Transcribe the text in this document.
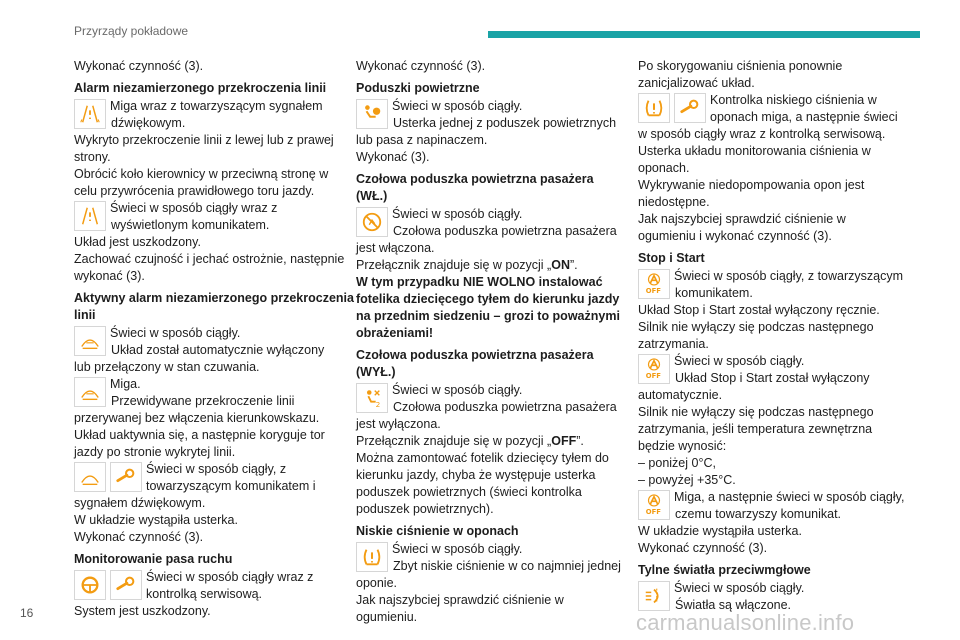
Przyrządy pokładowe

Wykonać czynność (3).

Alarm niezamierzonego przekroczenia linii

Miga wraz z towarzyszącym sygnałem

dźwiękowym.

Wykryto przekroczenie linii z lewej lub z prawej strony.

Obrócić koło kierownicy w przeciwną stronę w celu przywrócenia prawidłowego toru jazdy.

Świeci w sposób ciągły wraz z

wyświetlonym komunikatem.

Układ jest uszkodzony.

Zachować czujność i jechać ostrożnie, następnie wykonać (3).

Aktywny alarm niezamierzonego przekroczenia linii

Świeci w sposób ciągły.

Układ został automatycznie wyłączony

lub przełączony w stan czuwania.

Miga.

Przewidywane przekroczenie linii

przerywanej bez włączenia kierunkowskazu.

Układ uaktywnia się, a następnie koryguje tor jazdy po stronie wykrytej linii.

Świeci w sposób ciągły, z

towarzyszącym komunikatem i

sygnałem dźwiękowym.

W układzie wystąpiła usterka.

Wykonać czynność (3).

Monitorowanie pasa ruchu

Świeci w sposób ciągły wraz z

kontrolką serwisową.

System jest uszkodzony.

Wykonać czynność (3).

Poduszki powietrzne

Świeci w sposób ciągły.

Usterka jednej z poduszek powietrznych

lub pasa z napinaczem.

Wykonać (3).

Czołowa poduszka powietrzna pasażera (WŁ.)

Świeci w sposób ciągły.

Czołowa poduszka powietrzna pasażera

jest włączona.

Przełącznik znajduje się w pozycji „ON”.

W tym przypadku NIE WOLNO instalować fotelika dziecięcego tyłem do kierunku jazdy na przednim siedzeniu – grozi to poważnymi obrażeniami!

Czołowa poduszka powietrzna pasażera (WYŁ.)
2

Świeci w sposób ciągły.

Czołowa poduszka powietrzna pasażera

jest wyłączona.

Przełącznik znajduje się w pozycji „OFF”.

Można zamontować fotelik dziecięcy tyłem do kierunku jazdy, chyba że występuje usterka poduszek powietrznych (świeci kontrolka poduszek powietrznych).

Niskie ciśnienie w oponach

Świeci w sposób ciągły.

Zbyt niskie ciśnienie w co najmniej jednej

oponie.

Jak najszybciej sprawdzić ciśnienie w ogumieniu.

Po skorygowaniu ciśnienia ponownie zanicjalizować układ.

Kontrolka niskiego ciśnienia w

oponach miga, a następnie świeci

w sposób ciągły wraz z kontrolką serwisową.

Usterka układu monitorowania ciśnienia w oponach.

Wykrywanie niedopompowania opon jest niedostępne.

Jak najszybciej sprawdzić ciśnienie w ogumieniu i wykonać czynność (3).

Stop i Start
OFF

Świeci w sposób ciągły, z towarzyszącym

komunikatem.

Układ Stop i Start został wyłączony ręcznie.

Silnik nie wyłączy się podczas następnego zatrzymania.

OFF

Świeci w sposób ciągły.

Układ Stop i Start został wyłączony

automatycznie.

Silnik nie wyłączy się podczas następnego zatrzymania, jeśli temperatura zewnętrzna będzie wynosić:

– poniżej 0°C,

– powyżej +35°C.

OFF

Miga, a następnie świeci w sposób ciągły,

czemu towarzyszy komunikat.

W układzie wystąpiła usterka.

Wykonać czynność (3).

Tylne światła przeciwmgłowe

Świeci w sposób ciągły.

Światła są włączone.

16	carmanualsonline.info
